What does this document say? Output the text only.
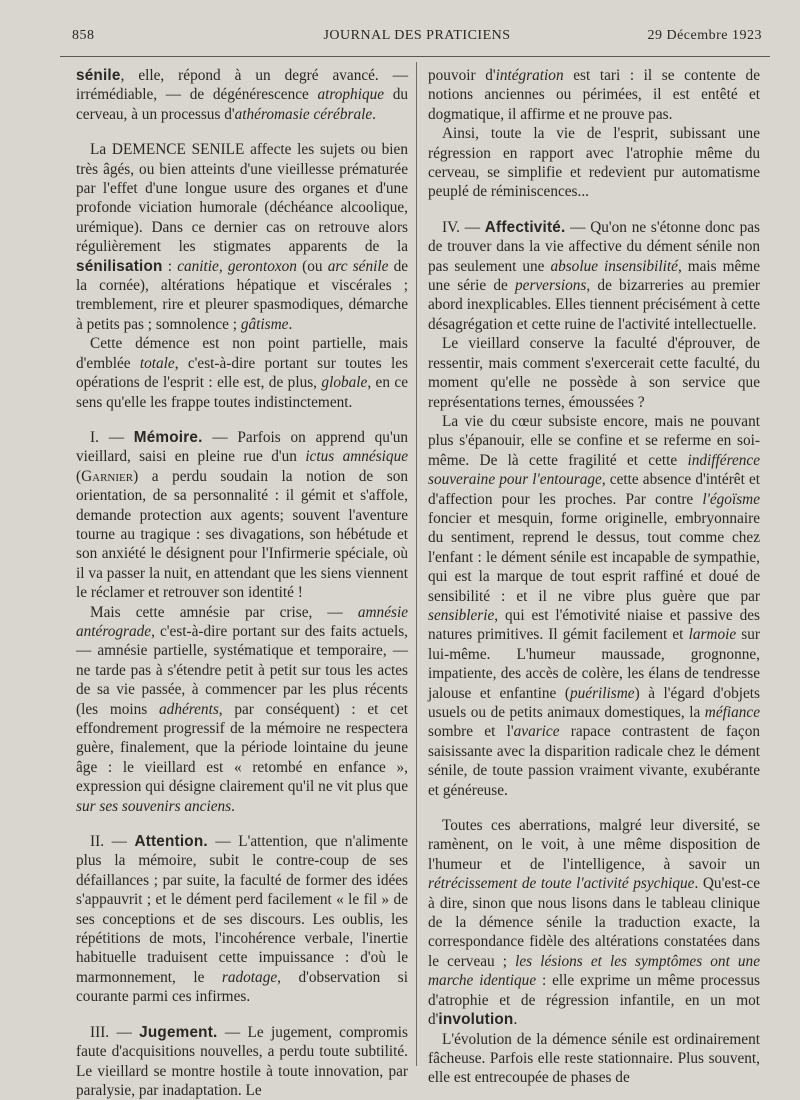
858	JOURNAL DES PRATICIENS	29 Décembre 1923

sénile, elle, répond à un degré avancé. — irrémédiable, — de dégénérescence atrophique du cerveau, à un processus d'athéromasie cérébrale.

La DEMENCE SENILE affecte les sujets ou bien très âgés, ou bien atteints d'une vieillesse prématurée par l'effet d'une longue usure des organes et d'une profonde viciation humorale (déchéance alcoolique, urémique). Dans ce dernier cas on retrouve alors régulièrement les stigmates apparents de la sénilisation : canitie, gerontoxon (ou arc sénile de la cornée), altérations hépatique et viscérales ; tremblement, rire et pleurer spasmodiques, démarche à petits pas ; somnolence ; gâtisme.

Cette démence est non point partielle, mais d'emblée totale, c'est-à-dire portant sur toutes les opérations de l'esprit : elle est, de plus, globale, en ce sens qu'elle les frappe toutes indistinctement.

I. — Mémoire. — Parfois on apprend qu'un vieillard, saisi en pleine rue d'un ictus amnésique (Garnier) a perdu soudain la notion de son orientation, de sa personnalité : il gémit et s'affole, demande protection aux agents; souvent l'aventure tourne au tragique : ses divagations, son hébétude et son anxiété le désignent pour l'Infirmerie spéciale, où il va passer la nuit, en attendant que les siens viennent le réclamer et retrouver son identité !

Mais cette amnésie par crise, — amnésie antérograde, c'est-à-dire portant sur des faits actuels, — amnésie partielle, systématique et temporaire, — ne tarde pas à s'étendre petit à petit sur tous les actes de sa vie passée, à commencer par les plus récents (les moins adhérents, par conséquent) : et cet effondrement progressif de la mémoire ne respectera guère, finalement, que la période lointaine du jeune âge : le vieillard est « retombé en enfance », expression qui désigne clairement qu'il ne vit plus que sur ses souvenirs anciens.

II. — Attention. — L'attention, que n'alimente plus la mémoire, subit le contre-coup de ses défaillances ; par suite, la faculté de former des idées s'appauvrit ; et le dément perd facilement « le fil » de ses conceptions et de ses discours. Les oublis, les répétitions de mots, l'incohérence verbale, l'inertie habituelle traduisent cette impuissance : d'où le marmonnement, le radotage, d'observation si courante parmi ces infirmes.

III. — Jugement. — Le jugement, compromis faute d'acquisitions nouvelles, a perdu toute subtilité. Le vieillard se montre hostile à toute innovation, par paralysie, par inadaptation. Le

pouvoir d'intégration est tari : il se contente de notions anciennes ou périmées, il est entêté et dogmatique, il affirme et ne prouve pas.

Ainsi, toute la vie de l'esprit, subissant une régression en rapport avec l'atrophie même du cerveau, se simplifie et redevient pur automatisme peuplé de réminiscences...

IV. — Affectivité. — Qu'on ne s'étonne donc pas de trouver dans la vie affective du dément sénile non pas seulement une absolue insensibilité, mais même une série de perversions, de bizarreries au premier abord inexplicables. Elles tiennent précisément à cette désagrégation et cette ruine de l'activité intellectuelle.

Le vieillard conserve la faculté d'éprouver, de ressentir, mais comment s'exercerait cette faculté, du moment qu'elle ne possède à son service que représentations ternes, émoussées ?

La vie du cœur subsiste encore, mais ne pouvant plus s'épanouir, elle se confine et se referme en soi-même. De là cette fragilité et cette indifférence souveraine pour l'entourage, cette absence d'intérêt et d'affection pour les proches. Par contre l'égoïsme foncier et mesquin, forme originelle, embryonnaire du sentiment, reprend le dessus, tout comme chez l'enfant : le dément sénile est incapable de sympathie, qui est la marque de tout esprit raffiné et doué de sensibilité : et il ne vibre plus guère que par sensiblerie, qui est l'émotivité niaise et passive des natures primitives. Il gémit facilement et larmoie sur lui-même. L'humeur maussade, grognonne, impatiente, des accès de colère, les élans de tendresse jalouse et enfantine (puérilisme) à l'égard d'objets usuels ou de petits animaux domestiques, la méfiance sombre et l'avarice rapace contrastent de façon saisissante avec la disparition radicale chez le dément sénile, de toute passion vraiment vivante, exubérante et généreuse.

Toutes ces aberrations, malgré leur diversité, se ramènent, on le voit, à une même disposition de l'humeur et de l'intelligence, à savoir un rétrécissement de toute l'activité psychique. Qu'est-ce à dire, sinon que nous lisons dans le tableau clinique de la démence sénile la traduction exacte, la correspondance fidèle des altérations constatées dans le cerveau ; les lésions et les symptômes ont une marche identique : elle exprime un même processus d'atrophie et de régression infantile, en un mot d'involution.

L'évolution de la démence sénile est ordinairement fâcheuse. Parfois elle reste stationnaire. Plus souvent, elle est entrecoupée de phases de
